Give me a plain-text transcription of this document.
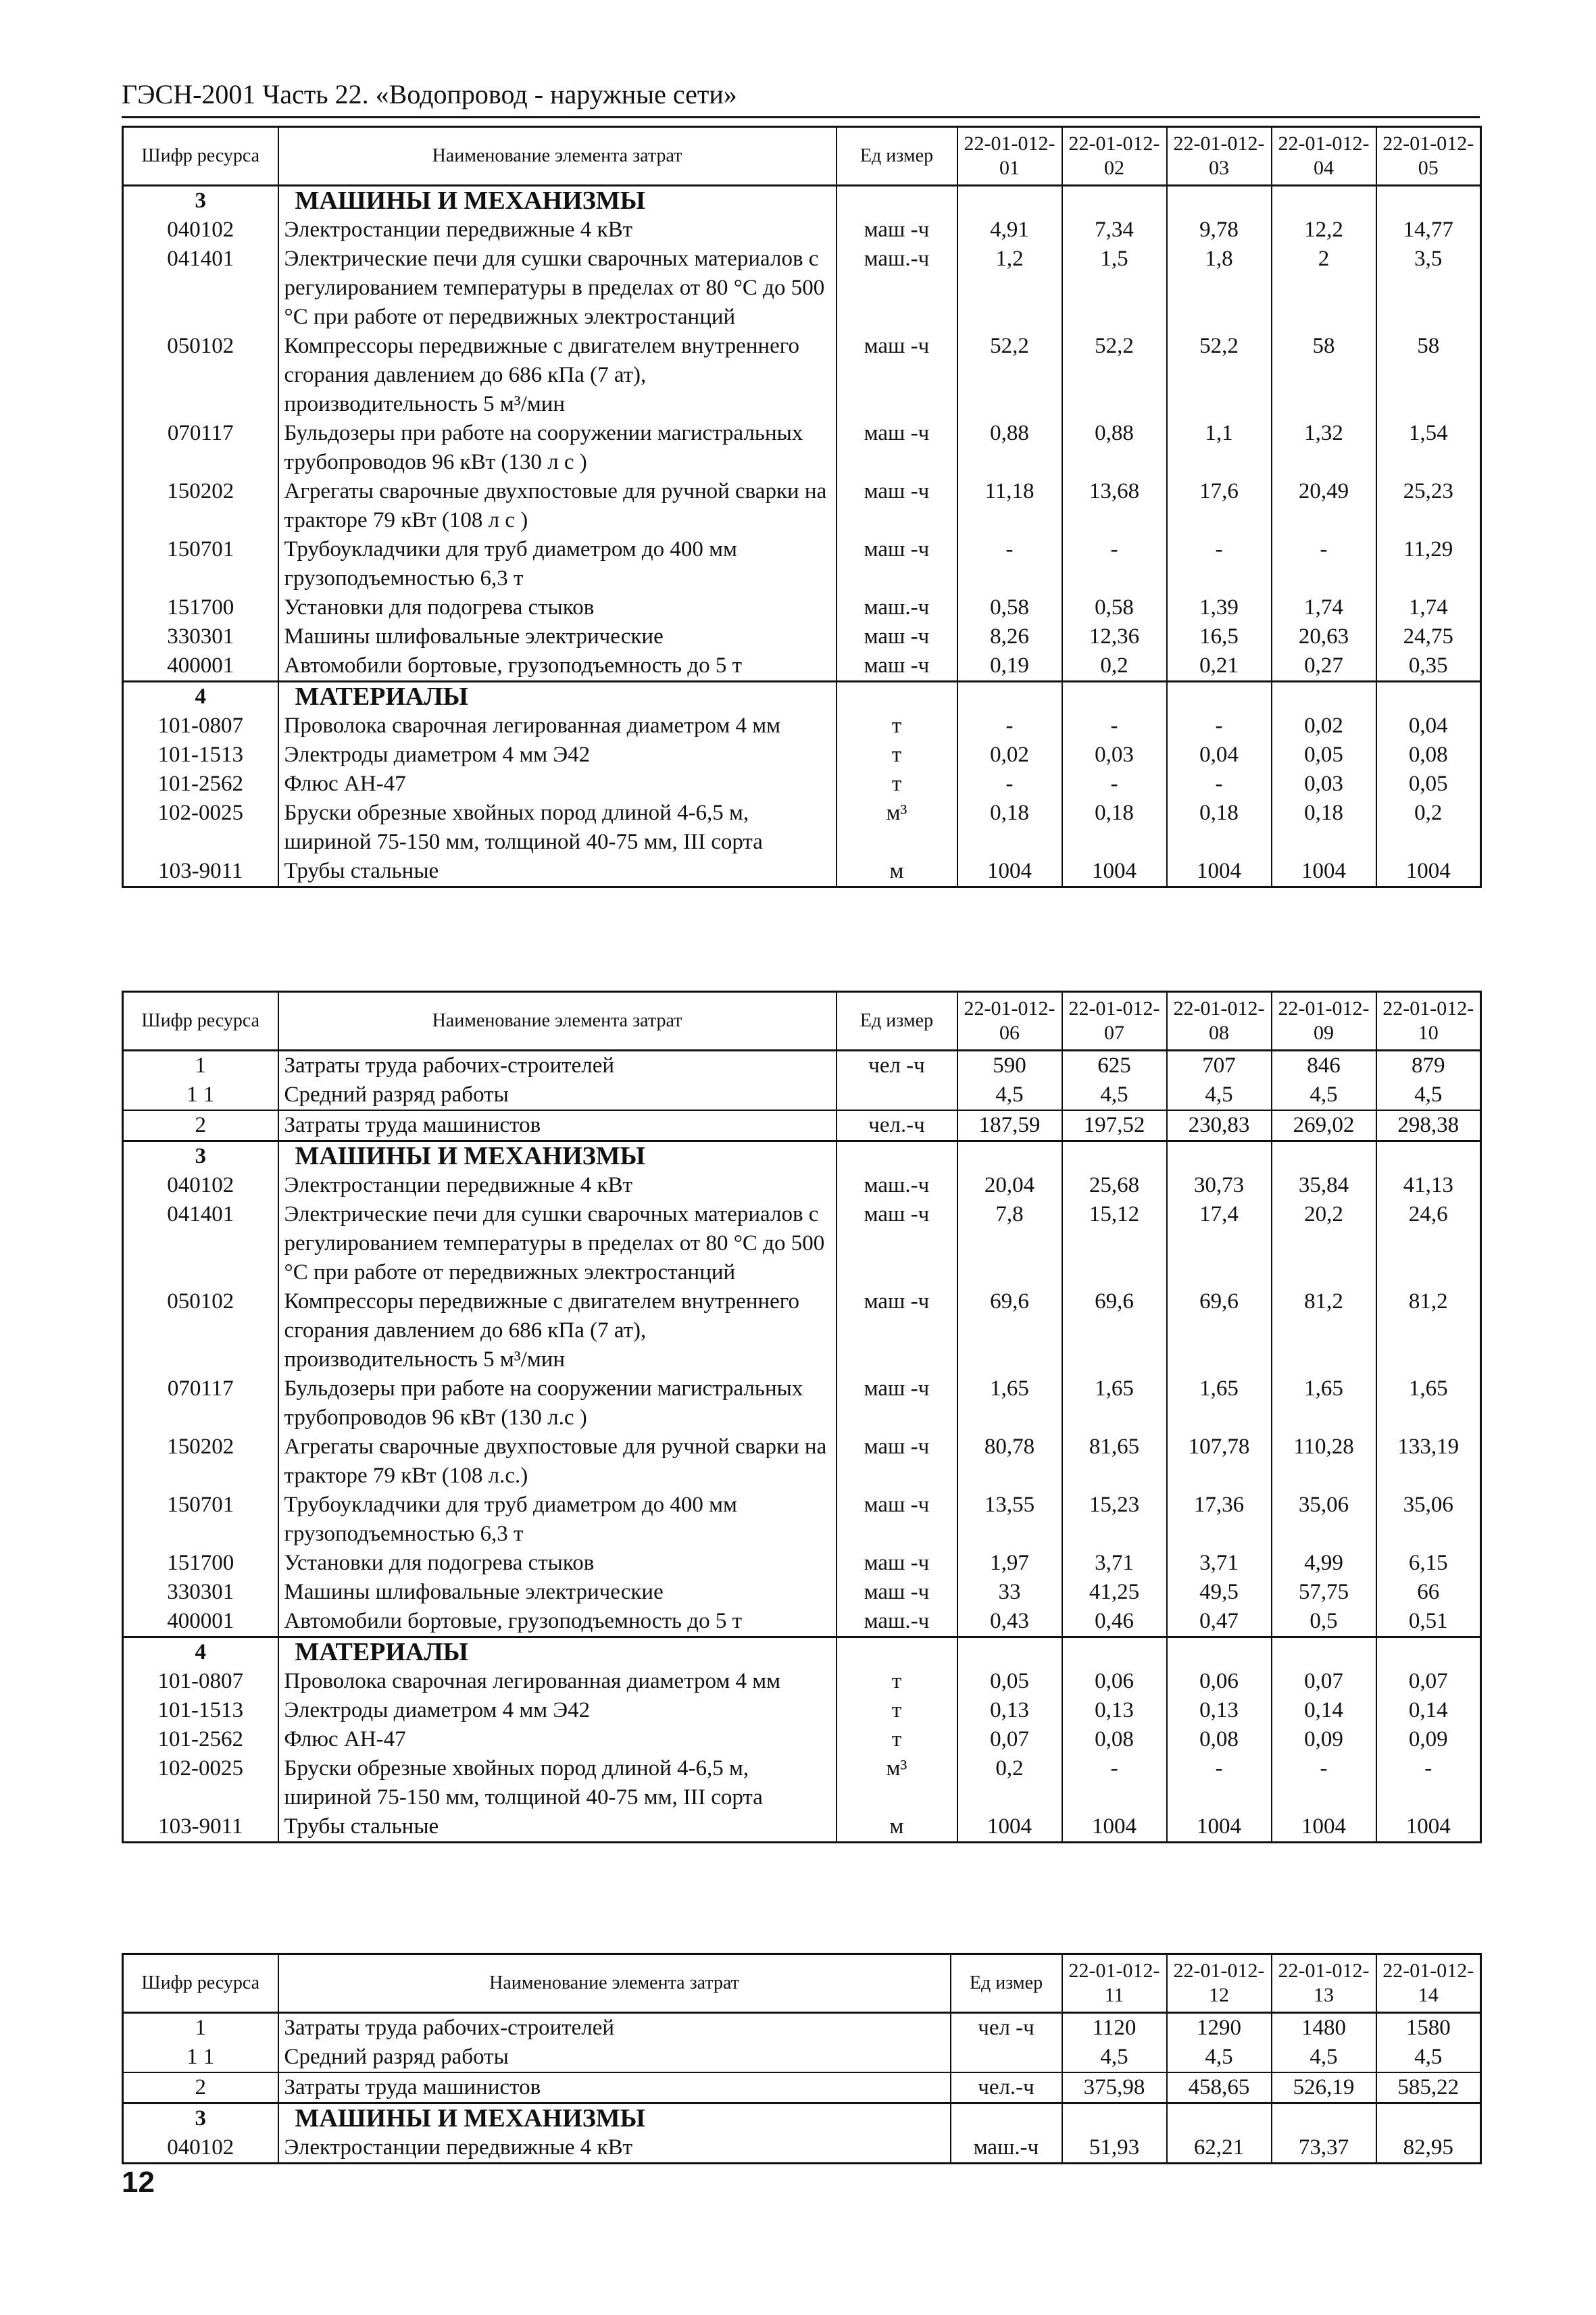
ГЭСН-2001 Часть 22. «Водопровод - наружные сети»
Шифр ресурса	Наименование элемента затрат	Ед измер	22-01-012-01	22-01-012-02	22-01-012-03	22-01-012-04	22-01-012-05
3	МАШИНЫ И МЕХАНИЗМЫ						
040102	Электростанции передвижные 4 кВт	маш -ч	4,91	7,34	9,78	12,2	14,77
041401	Электрические печи для сушки сварочных материалов с регулированием температуры в пределах от 80 °С до 500 °С при работе от передвижных электростанций	маш.-ч	1,2	1,5	1,8	2	3,5
050102	Компрессоры передвижные с двигателем внутреннего сгорания давлением до 686 кПа (7 ат), производительность 5 м³/мин	маш -ч	52,2	52,2	52,2	58	58
070117	Бульдозеры при работе на сооружении магистральных трубопроводов 96 кВт (130 л с )	маш -ч	0,88	0,88	1,1	1,32	1,54
150202	Агрегаты сварочные двухпостовые для ручной сварки на тракторе 79 кВт (108 л с )	маш -ч	11,18	13,68	17,6	20,49	25,23
150701	Трубоукладчики для труб диаметром до 400 мм грузоподъемностью 6,3 т	маш -ч	-	-	-	-	11,29
151700	Установки для подогрева стыков	маш.-ч	0,58	0,58	1,39	1,74	1,74
330301	Машины шлифовальные электрические	маш -ч	8,26	12,36	16,5	20,63	24,75
400001	Автомобили бортовые, грузоподъемность до 5 т	маш -ч	0,19	0,2	0,21	0,27	0,35
4	МАТЕРИАЛЫ						
101-0807	Проволока сварочная легированная диаметром 4 мм	т	-	-	-	0,02	0,04
101-1513	Электроды диаметром 4 мм Э42	т	0,02	0,03	0,04	0,05	0,08
101-2562	Флюс АН-47	т	-	-	-	0,03	0,05
102-0025	Бруски обрезные хвойных пород длиной 4-6,5 м, шириной 75-150 мм, толщиной 40-75 мм, III сорта	м³	0,18	0,18	0,18	0,18	0,2
103-9011	Трубы стальные	м	1004	1004	1004	1004	1004
Шифр ресурса	Наименование элемента затрат	Ед измер	22-01-012-06	22-01-012-07	22-01-012-08	22-01-012-09	22-01-012-10
1	Затраты труда рабочих-строителей	чел -ч	590	625	707	846	879
1 1	Средний разряд работы		4,5	4,5	4,5	4,5	4,5
2	Затраты труда машинистов	чел.-ч	187,59	197,52	230,83	269,02	298,38
3	МАШИНЫ И МЕХАНИЗМЫ						
040102	Электростанции передвижные 4 кВт	маш.-ч	20,04	25,68	30,73	35,84	41,13
041401	Электрические печи для сушки сварочных материалов с регулированием температуры в пределах от 80 °С до 500 °С при работе от передвижных электростанций	маш -ч	7,8	15,12	17,4	20,2	24,6
050102	Компрессоры передвижные с двигателем внутреннего сгорания давлением до 686 кПа (7 ат), производительность 5 м³/мин	маш -ч	69,6	69,6	69,6	81,2	81,2
070117	Бульдозеры при работе на сооружении магистральных трубопроводов 96 кВт (130 л.с )	маш -ч	1,65	1,65	1,65	1,65	1,65
150202	Агрегаты сварочные двухпостовые для ручной сварки на тракторе 79 кВт (108 л.с.)	маш -ч	80,78	81,65	107,78	110,28	133,19
150701	Трубоукладчики для труб диаметром до 400 мм грузоподъемностью 6,3 т	маш -ч	13,55	15,23	17,36	35,06	35,06
151700	Установки для подогрева стыков	маш -ч	1,97	3,71	3,71	4,99	6,15
330301	Машины шлифовальные электрические	маш -ч	33	41,25	49,5	57,75	66
400001	Автомобили бортовые, грузоподъемность до 5 т	маш.-ч	0,43	0,46	0,47	0,5	0,51
4	МАТЕРИАЛЫ						
101-0807	Проволока сварочная легированная диаметром 4 мм	т	0,05	0,06	0,06	0,07	0,07
101-1513	Электроды диаметром 4 мм Э42	т	0,13	0,13	0,13	0,14	0,14
101-2562	Флюс АН-47	т	0,07	0,08	0,08	0,09	0,09
102-0025	Бруски обрезные хвойных пород длиной 4-6,5 м, шириной 75-150 мм, толщиной 40-75 мм, III сорта	м³	0,2	-	-	-	-
103-9011	Трубы стальные	м	1004	1004	1004	1004	1004
Шифр ресурса	Наименование элемента затрат	Ед измер	22-01-012-11	22-01-012-12	22-01-012-13	22-01-012-14
1	Затраты труда рабочих-строителей	чел -ч	1120	1290	1480	1580
1 1	Средний разряд работы		4,5	4,5	4,5	4,5
2	Затраты труда машинистов	чел.-ч	375,98	458,65	526,19	585,22
3	МАШИНЫ И МЕХАНИЗМЫ					
040102	Электростанции передвижные 4 кВт	маш.-ч	51,93	62,21	73,37	82,95
12
